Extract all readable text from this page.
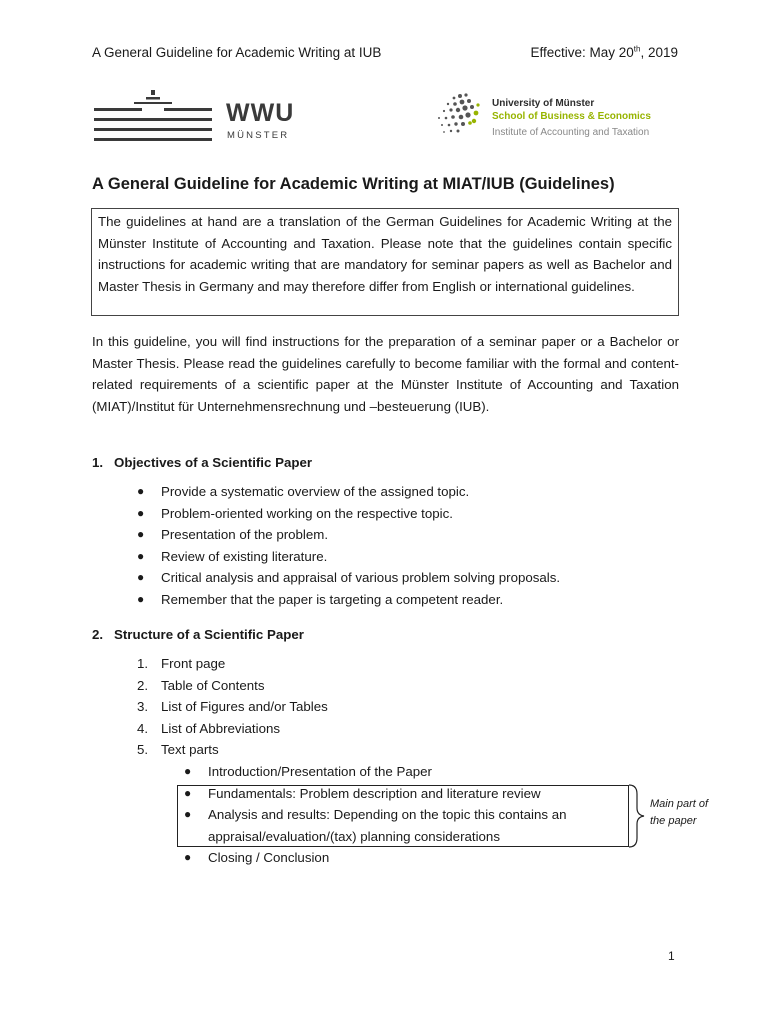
A General Guideline for Academic Writing at IUB	Effective: May 20th, 2019
WWU
MÜNSTER
University of Münster
School of Business & Economics
Institute of Accounting and Taxation
A General Guideline for Academic Writing at MIAT/IUB (Guidelines)
The guidelines at hand are a translation of the German Guidelines for Academic Writing at the Münster Institute of Accounting and Taxation. Please note that the guidelines contain specific instructions for academic writing that are mandatory for seminar papers as well as Bachelor and Master Thesis in Germany and may therefore differ from English or international guidelines.
In this guideline, you will find instructions for the preparation of a seminar paper or a Bachelor or Master Thesis. Please read the guidelines carefully to become familiar with the formal and content-related requirements of a scientific paper at the Münster Institute of Accounting and Taxation (MIAT)/Institut für Unternehmensrechnung und –besteuerung (IUB).
1. Objectives of a Scientific Paper
● Provide a systematic overview of the assigned topic.
● Problem-oriented working on the respective topic.
● Presentation of the problem.
● Review of existing literature.
● Critical analysis and appraisal of various problem solving proposals.
● Remember that the paper is targeting a competent reader.
2. Structure of a Scientific Paper
1. Front page
2. Table of Contents
3. List of Figures and/or Tables
4. List of Abbreviations
5. Text parts
● Introduction/Presentation of the Paper
● Fundamentals: Problem description and literature review
● Analysis and results: Depending on the topic this contains an
appraisal/evaluation/(tax) planning considerations
● Closing / Conclusion
Main part of
the paper
1
